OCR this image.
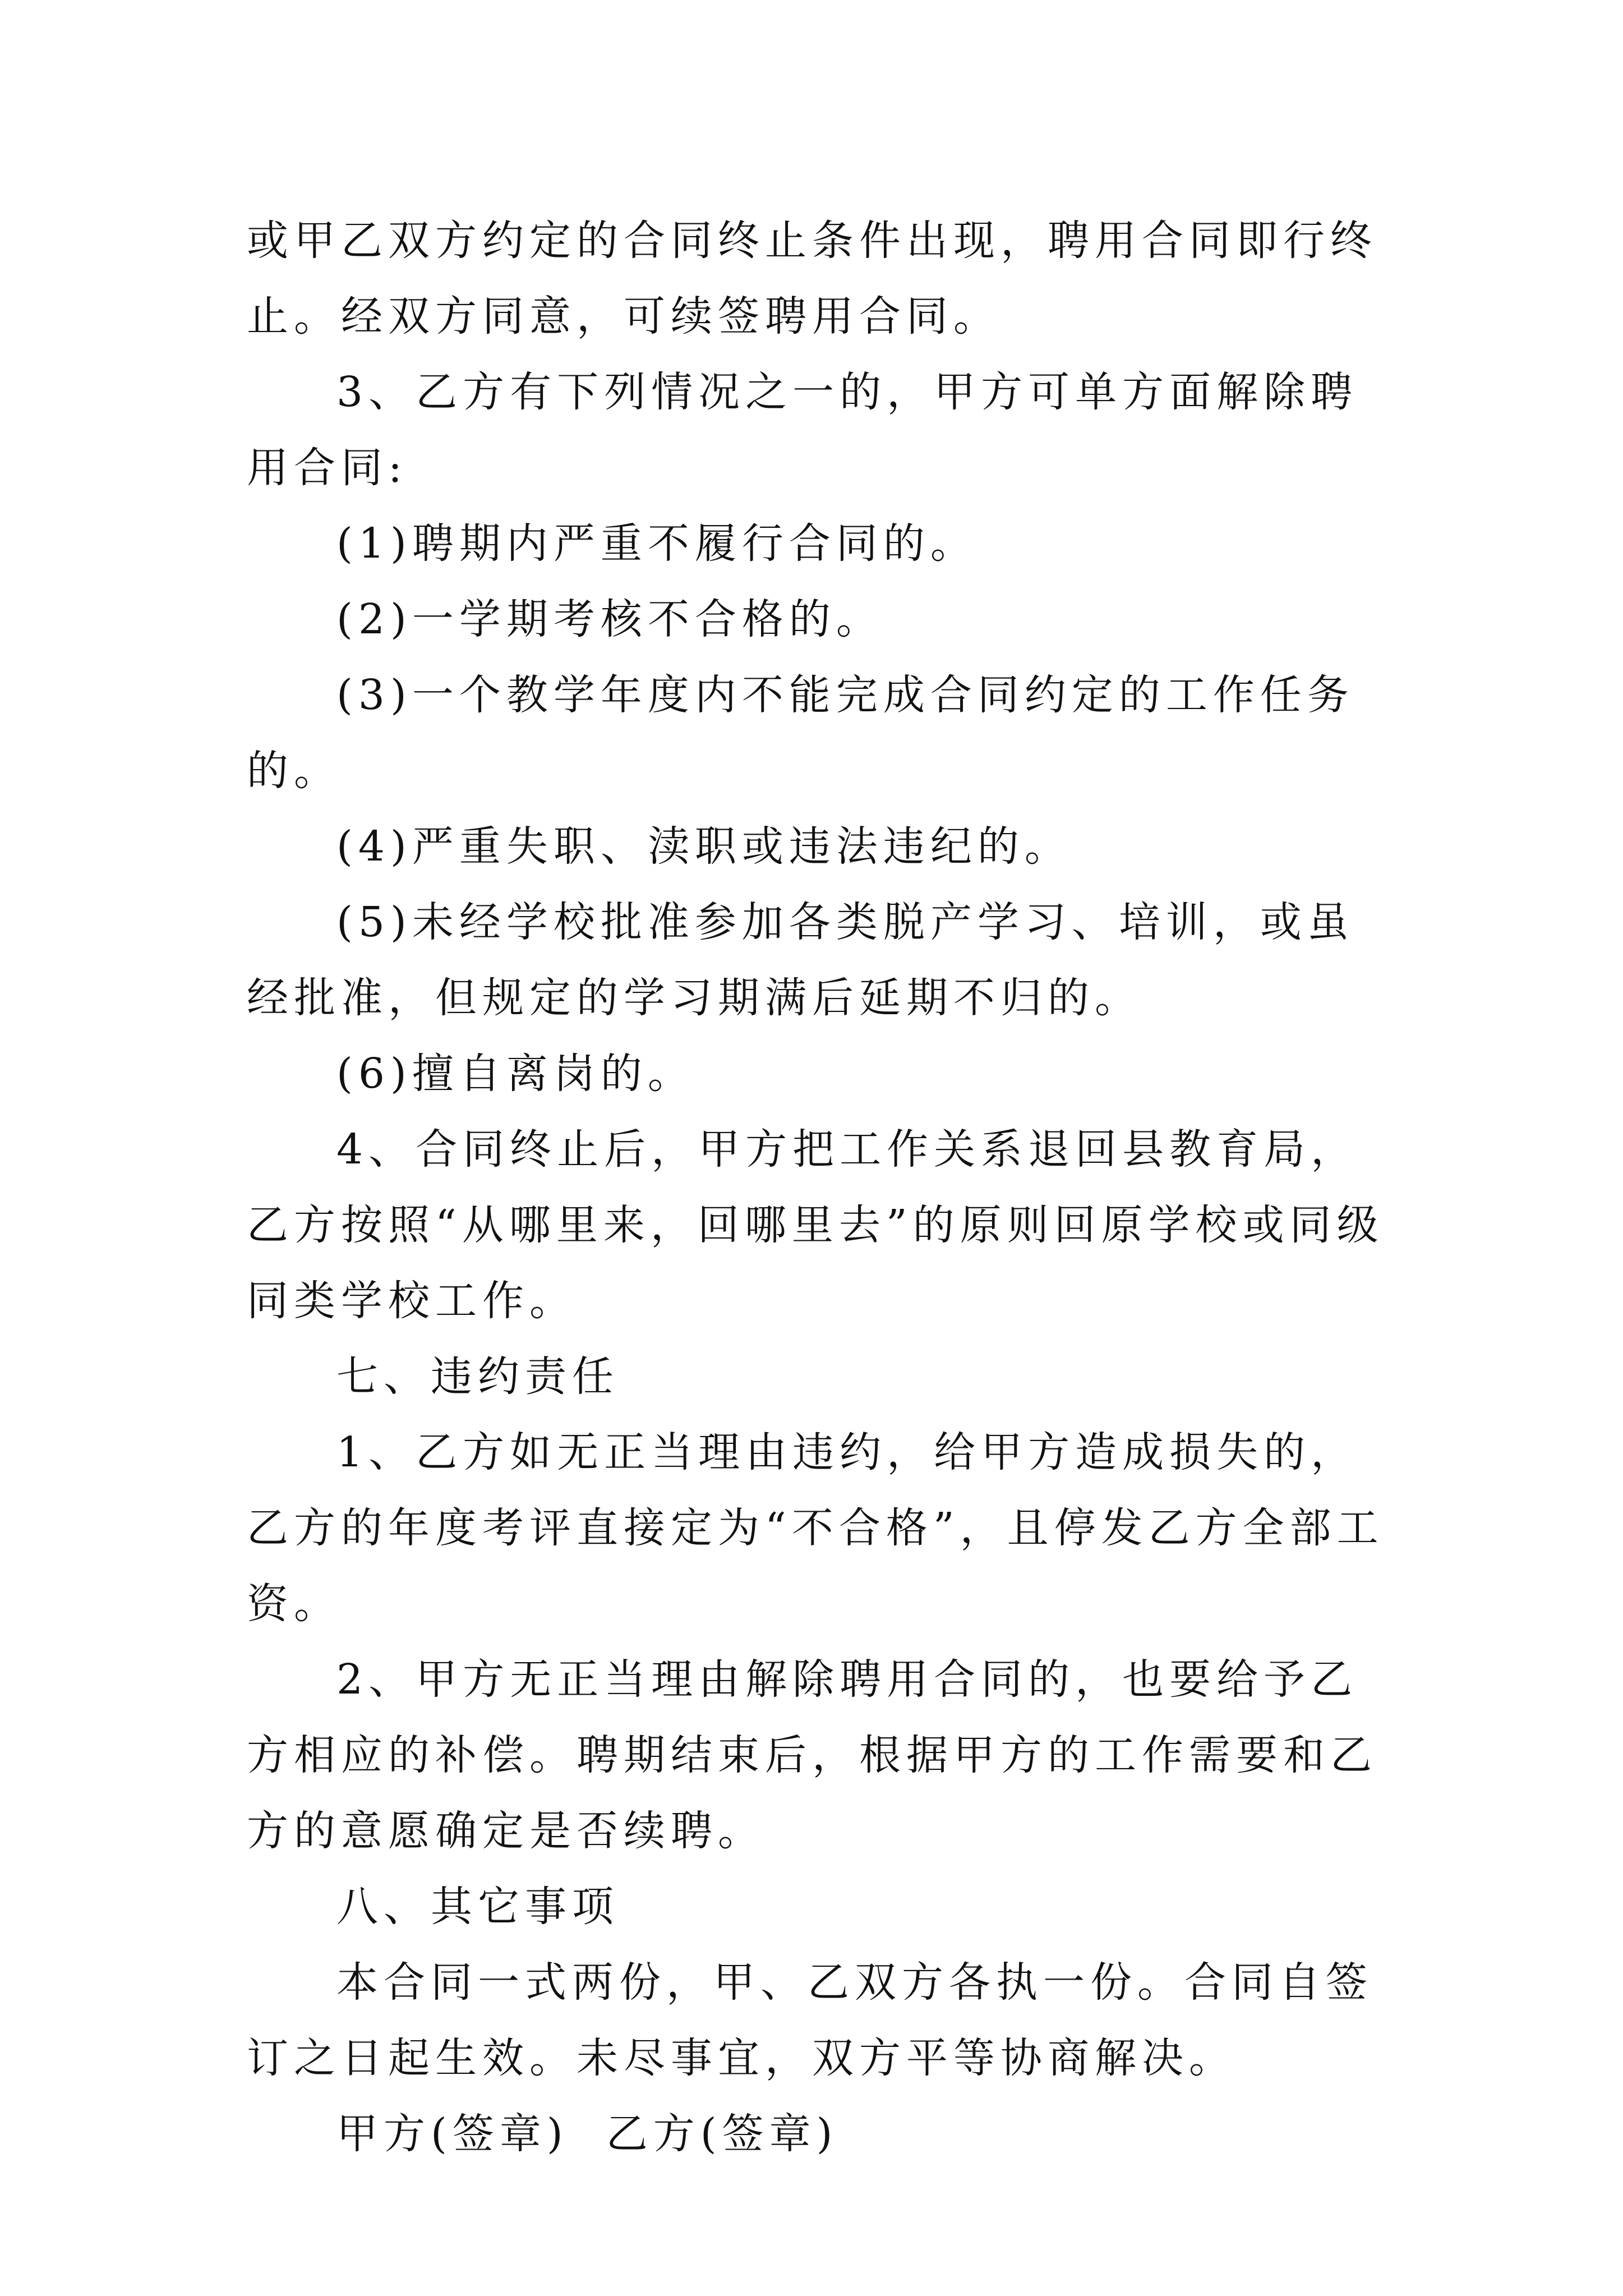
或甲乙双方约定的合同终止条件出现，聘用合同即行终止。经双方同意，可续签聘用合同。

3、乙方有下列情况之一的，甲方可单方面解除聘用合同:

(1)聘期内严重不履行合同的。

(2)一学期考核不合格的。

(3)一个教学年度内不能完成合同约定的工作任务的。

(4)严重失职、渎职或违法违纪的。

(5)未经学校批准参加各类脱产学习、培训，或虽经批准，但规定的学习期满后延期不归的。

(6)擅自离岗的。

4、合同终止后，甲方把工作关系退回县教育局，乙方按照“从哪里来，回哪里去”的原则回原学校或同级同类学校工作。

七、违约责任

1、乙方如无正当理由违约，给甲方造成损失的，乙方的年度考评直接定为“不合格”，且停发乙方全部工资。

2、甲方无正当理由解除聘用合同的，也要给予乙方相应的补偿。聘期结束后，根据甲方的工作需要和乙方的意愿确定是否续聘。

八、其它事项

本合同一式两份，甲、乙双方各执一份。合同自签订之日起生效。未尽事宜，双方平等协商解决。

甲方(签章)  乙方(签章)
